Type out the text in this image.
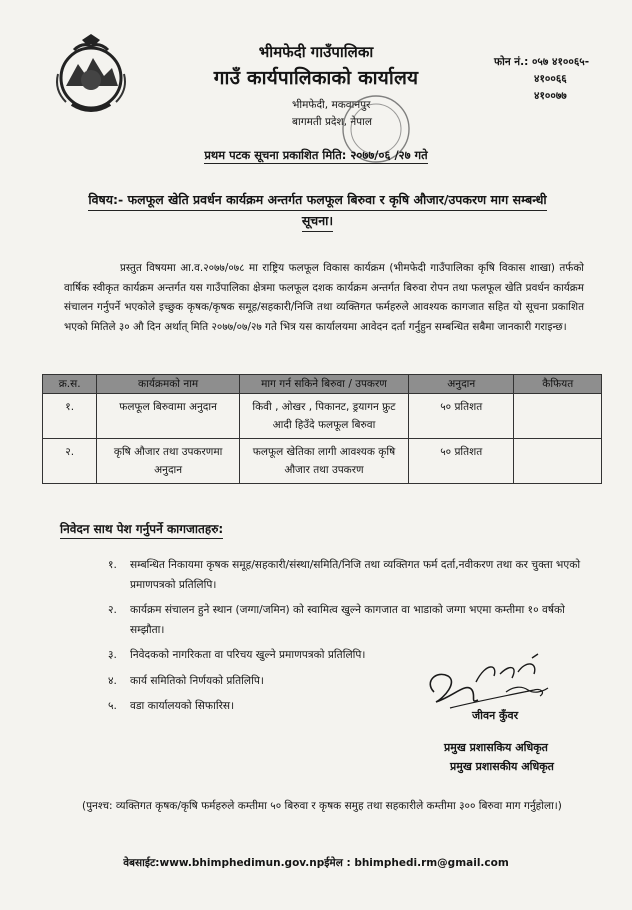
भीमफेदी गाउँपालिका
गाउँ कार्यपालिकाको कार्यालय
भीमफेदी, मकवानपुर
बागमती प्रदेश, नेपाल
फोन नं.: ०५७ ४१००६५-
४१००६६
४१००७७
प्रथम पटक सूचना प्रकाशित मिति: २०७७/०६ /२७ गते
विषय:- फलफूल खेति प्रवर्धन कार्यक्रम अन्तर्गत फलफूल बिरुवा र कृषि औजार/उपकरण माग सम्बन्धी
सूचना।
प्रस्तुत विषयमा आ.व.२०७७/०७८ मा राष्ट्रिय फलफूल विकास कार्यक्रम (भीमफेदी गाउँपालिका कृषि विकास शाखा) तर्फको वार्षिक स्वीकृत कार्यक्रम अन्तर्गत यस गाउँपालिका क्षेत्रमा फलफूल दशक कार्यक्रम अन्तर्गत बिरुवा रोपन तथा फलफूल खेति प्रवर्धन कार्यक्रम संचालन गर्नुपर्ने भएकोले इच्छुक कृषक/कृषक समूह/सहकारी/निजि तथा व्यक्तिगत फर्महरुले आवश्यक कागजात सहित यो सूचना प्रकाशित भएको मितिले ३० औ दिन अर्थात् मिति २०७७/०७/२७ गते भित्र यस कार्यालयमा आवेदन दर्ता गर्नुहुन सम्बन्धित सबैमा जानकारी गराइन्छ।
क्र.स.	कार्यक्रमको नाम	माग गर्न सकिने बिरुवा / उपकरण	अनुदान	कैफियत
१.	फलफूल बिरुवामा अनुदान	किवी , ओखर , पिकानट, ड्रयागन फ्रुट आदी हिउँदे फलफूल बिरुवा	५० प्रतिशत	
२.	कृषि औजार तथा उपकरणमा अनुदान	फलफूल खेतिका लागी आवश्यक कृषि औजार तथा उपकरण	५० प्रतिशत	
निवेदन साथ पेश गर्नुपर्ने कागजातहरु:
१.	सम्बन्धित निकायमा कृषक समूह/सहकारी/संस्था/समिति/निजि तथा व्यक्तिगत फर्म दर्ता,नवीकरण तथा कर चुक्ता भएको प्रमाणपत्रको प्रतिलिपि।
२.	कार्यक्रम संचालन हुने स्थान (जग्गा/जमिन) को स्वामित्व खुल्ने कागजात वा भाडाको जग्गा भएमा कम्तीमा १० वर्षको सम्झौता।
३.	निवेदकको नागरिकता वा परिचय खुल्ने प्रमाणपत्रको प्रतिलिपि।
४.	कार्य समितिको निर्णयको प्रतिलिपि।
५.	वडा कार्यालयको सिफारिस।
जीवन कुँवर
प्रमुख प्रशासकिय अधिकृत
प्रमुख प्रशासकीय अधिकृत
(पुनश्च: व्यक्तिगत कृषक/कृषि फर्महरुले कम्तीमा ५० बिरुवा र कृषक समुह तथा सहकारीले कम्तीमा ३०० बिरुवा माग गर्नुहोला।)
वेबसाईट:www.bhimphedimun.gov.npईमेल : bhimphedi.rm@gmail.com
